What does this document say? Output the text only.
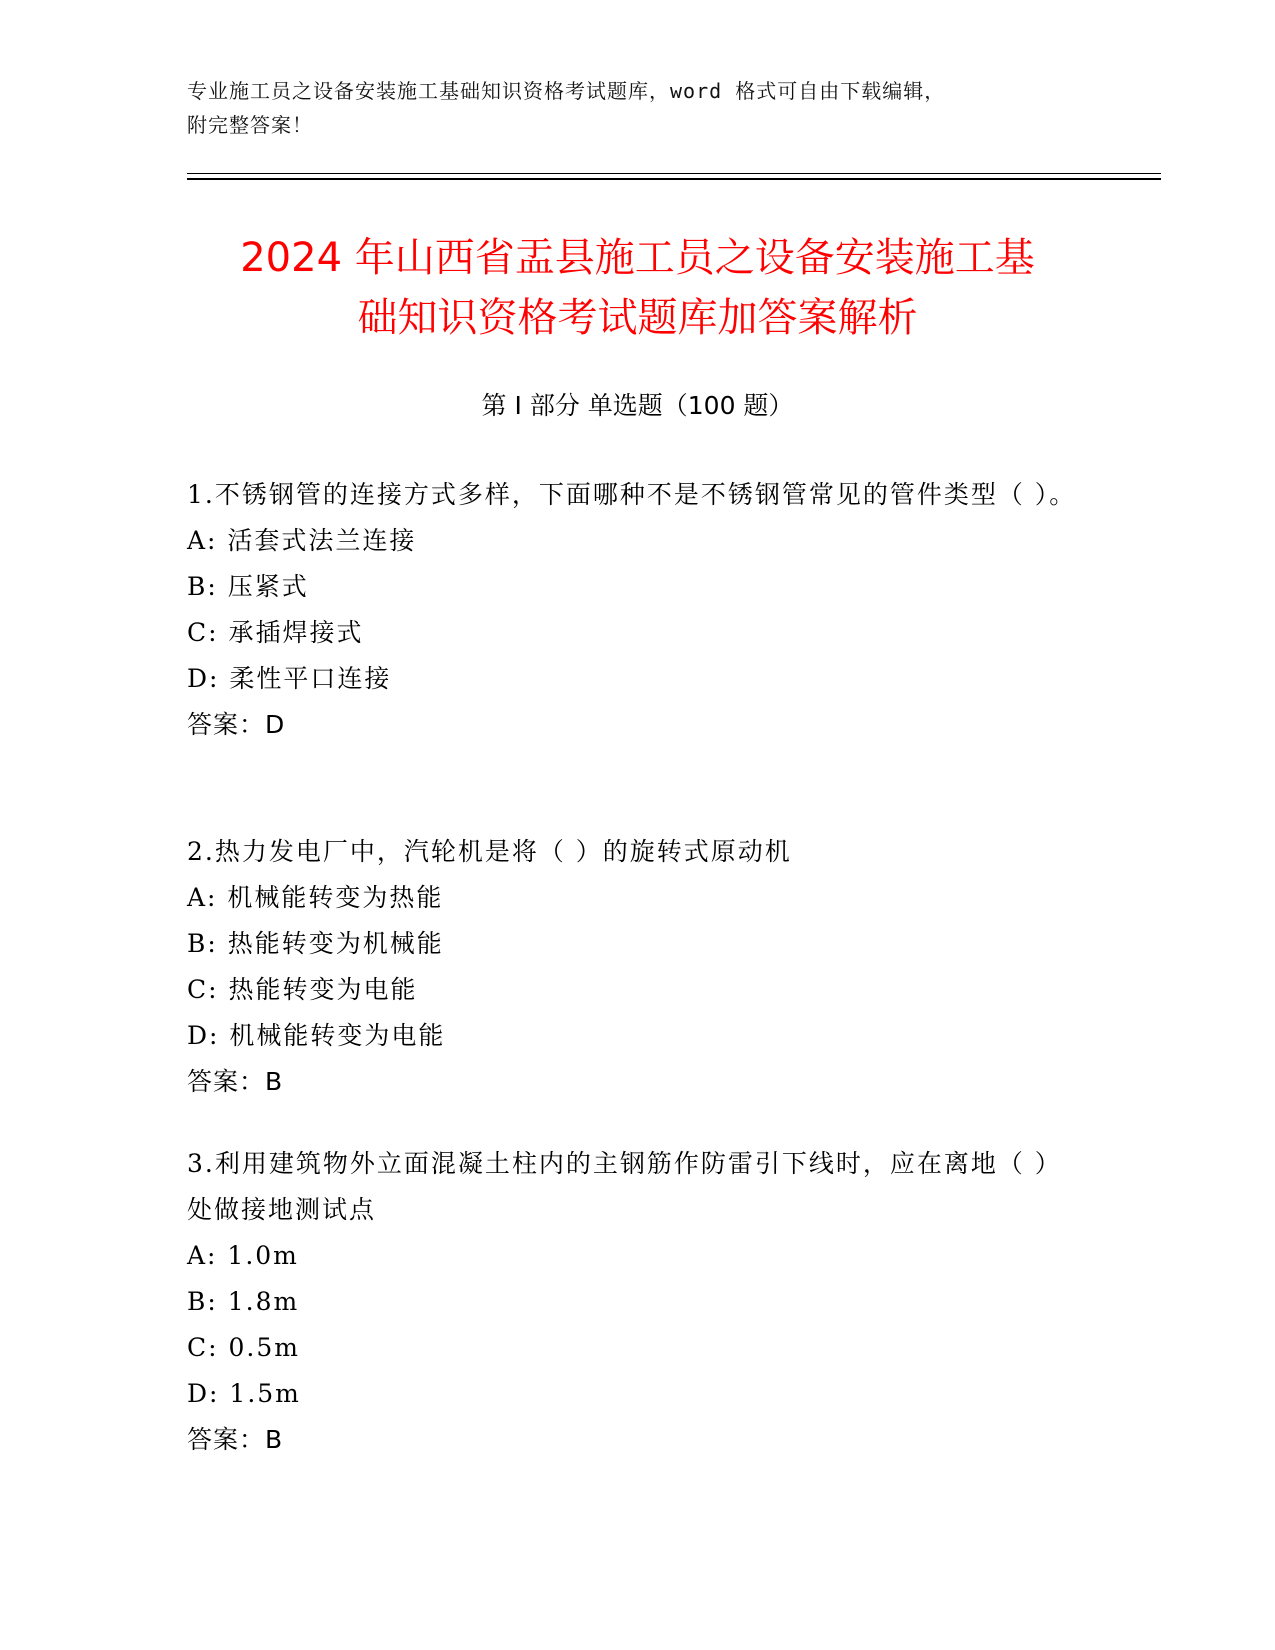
专业施工员之设备安装施工基础知识资格考试题库，word 格式可自由下载编辑，
附完整答案！
2024 年山西省盂县施工员之设备安装施工基
础知识资格考试题库加答案解析
第 I 部分 单选题（100 题）
1.不锈钢管的连接方式多样，下面哪种不是不锈钢管常见的管件类型（ ）。
A: 活套式法兰连接
B: 压紧式
C: 承插焊接式
D: 柔性平口连接
答案：D
2.热力发电厂中，汽轮机是将（ ）的旋转式原动机
A: 机械能转变为热能
B: 热能转变为机械能
C: 热能转变为电能
D: 机械能转变为电能
答案：B
3.利用建筑物外立面混凝土柱内的主钢筋作防雷引下线时，应在离地（ ）处做接地测试点
A: 1.0m
B: 1.8m
C: 0.5m
D: 1.5m
答案：B
